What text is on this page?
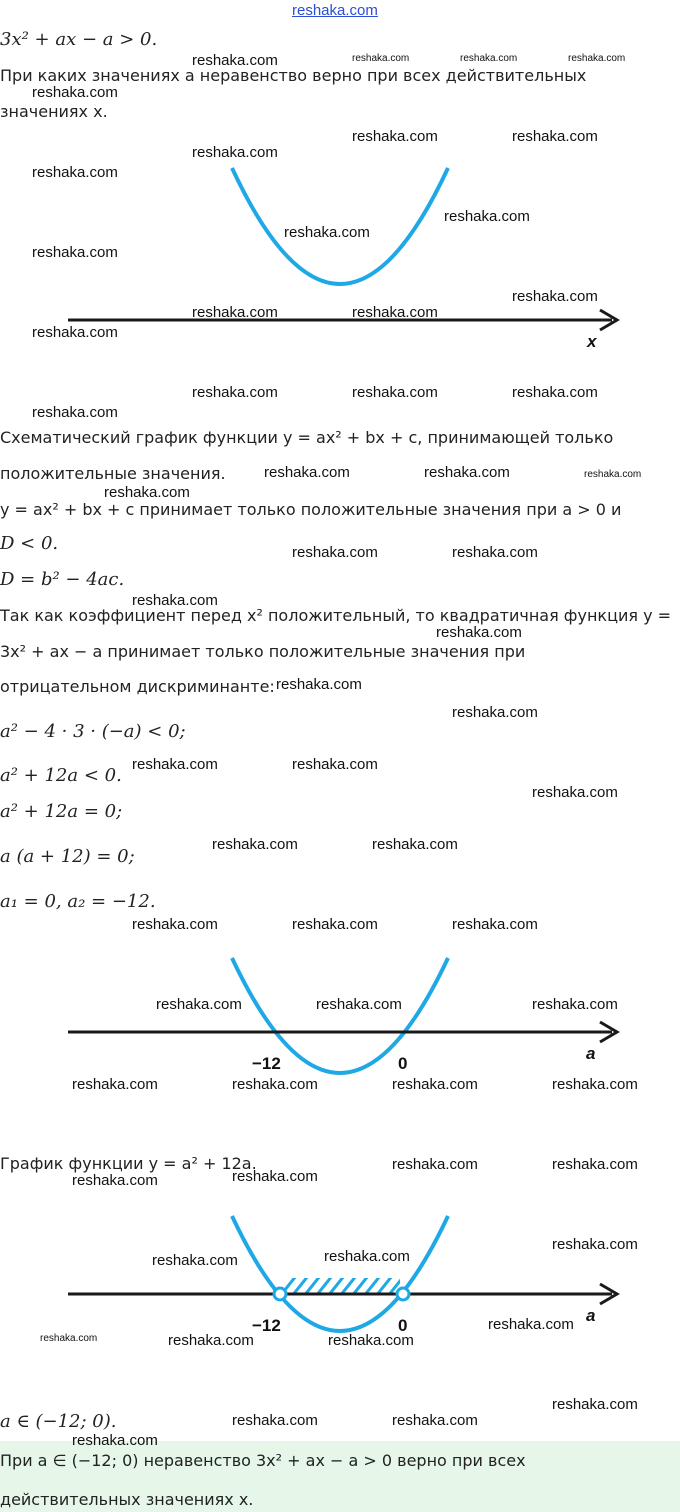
reshaka.com
3x² + ax − a > 0.
При каких значениях a неравенство верно при всех действительных
значениях x.
x
Схематический график функции y = ax² + bx + c, принимающей только
положительные значения.
y = ax² + bx + c принимает только положительные значения при a > 0 и
D < 0.
D = b² − 4ac.
Так как коэффициент перед x² положительный, то квадратичная функция y =
3x² + ax − a принимает только положительные значения при
отрицательном дискриминанте:
a² − 4 · 3 · (−a) < 0;
a² + 12a < 0.
a² + 12a = 0;
a (a + 12) = 0;
a₁ = 0, a₂ = −12.
−12	0
a
График функции y = a² + 12a.
−12	0
a
a ∈ (−12; 0).
При a ∈ (−12; 0) неравенство 3x² + ax − a > 0 верно при всех
действительных значениях x.
reshaka.com	reshaka.com	reshaka.com	reshaka.com
reshaka.com
reshaka.com	reshaka.com
reshaka.com
reshaka.com
reshaka.com
reshaka.com
reshaka.com
reshaka.com
reshaka.com	reshaka.com
reshaka.com
reshaka.com	reshaka.com	reshaka.com
reshaka.com
reshaka.com	reshaka.com	reshaka.com
reshaka.com
reshaka.com	reshaka.com
reshaka.com
reshaka.com
reshaka.com
reshaka.com
reshaka.com	reshaka.com
reshaka.com
reshaka.com	reshaka.com
reshaka.com	reshaka.com	reshaka.com
reshaka.com	reshaka.com	reshaka.com
reshaka.com	reshaka.com	reshaka.com	reshaka.com
reshaka.com	reshaka.com
reshaka.com
reshaka.com
reshaka.com
reshaka.com
reshaka.com
reshaka.com
reshaka.com	reshaka.com	reshaka.com
reshaka.com
reshaka.com	reshaka.com
reshaka.com
